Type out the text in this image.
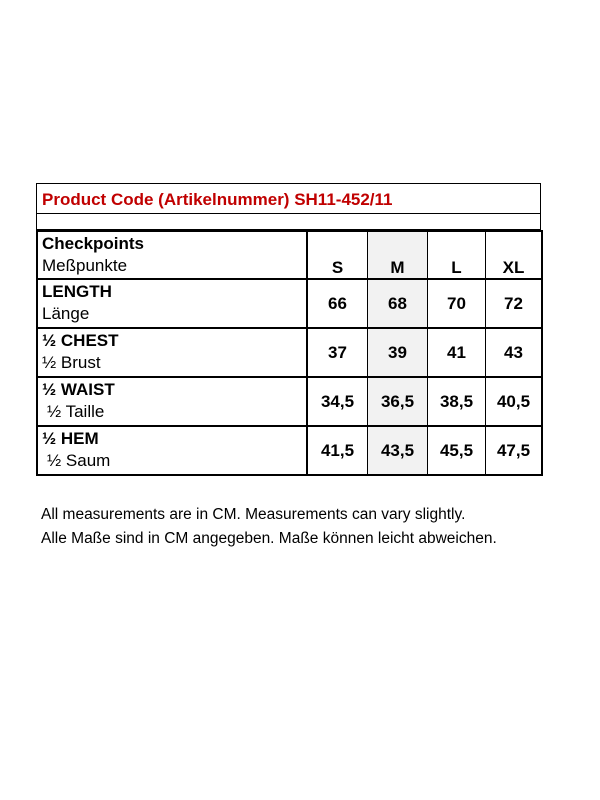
Product Code (Artikelnummer) SH11-452/11
Checkpoints
Meßpunkte	S	M	L	XL
LENGTH
Länge
66	68	70	72
½ CHEST
½ Brust
37	39	41	43
½ WAIST
½ Taille
34,5	36,5	38,5	40,5
½ HEM
½ Saum
41,5	43,5	45,5	47,5
All measurements are in CM. Measurements can vary slightly.
Alle Maße sind in CM angegeben. Maße können leicht abweichen.
